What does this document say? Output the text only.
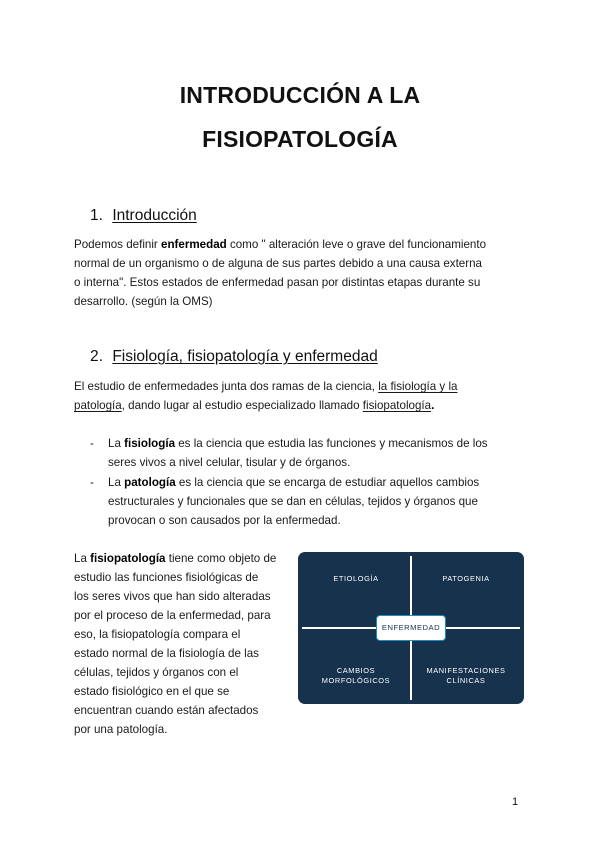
INTRODUCCIÓN A LA
FISIOPATOLOGÍA
1. Introducción
Podemos definir enfermedad como " alteración leve o grave del funcionamiento
normal de un organismo o de alguna de sus partes debido a una causa externa
o interna". Estos estados de enfermedad pasan por distintas etapas durante su
desarrollo. (según la OMS)
2. Fisiología, fisiopatología y enfermedad
El estudio de enfermedades junta dos ramas de la ciencia, la fisiología y la
patología, dando lugar al estudio especializado llamado fisiopatología.
- La fisiología es la ciencia que estudia las funciones y mecanismos de los
seres vivos a nivel celular, tisular y de órganos.
- La patología es la ciencia que se encarga de estudiar aquellos cambios
estructurales y funcionales que se dan en células, tejidos y órganos que
provocan o son causados por la enfermedad.
La fisiopatología tiene como objeto de
estudio las funciones fisiológicas de
los seres vivos que han sido alteradas
por el proceso de la enfermedad, para
eso, la fisiopatología compara el
estado normal de la fisiología de las
células, tejidos y órganos con el
estado fisiológico en el que se
encuentran cuando están afectados
por una patología.
ETIOLOGÍA	PATOGENIA
CAMBIOS
MORFOLÓGICOS
MANIFESTACIONES
CLÍNICAS
ENFERMEDAD
1
